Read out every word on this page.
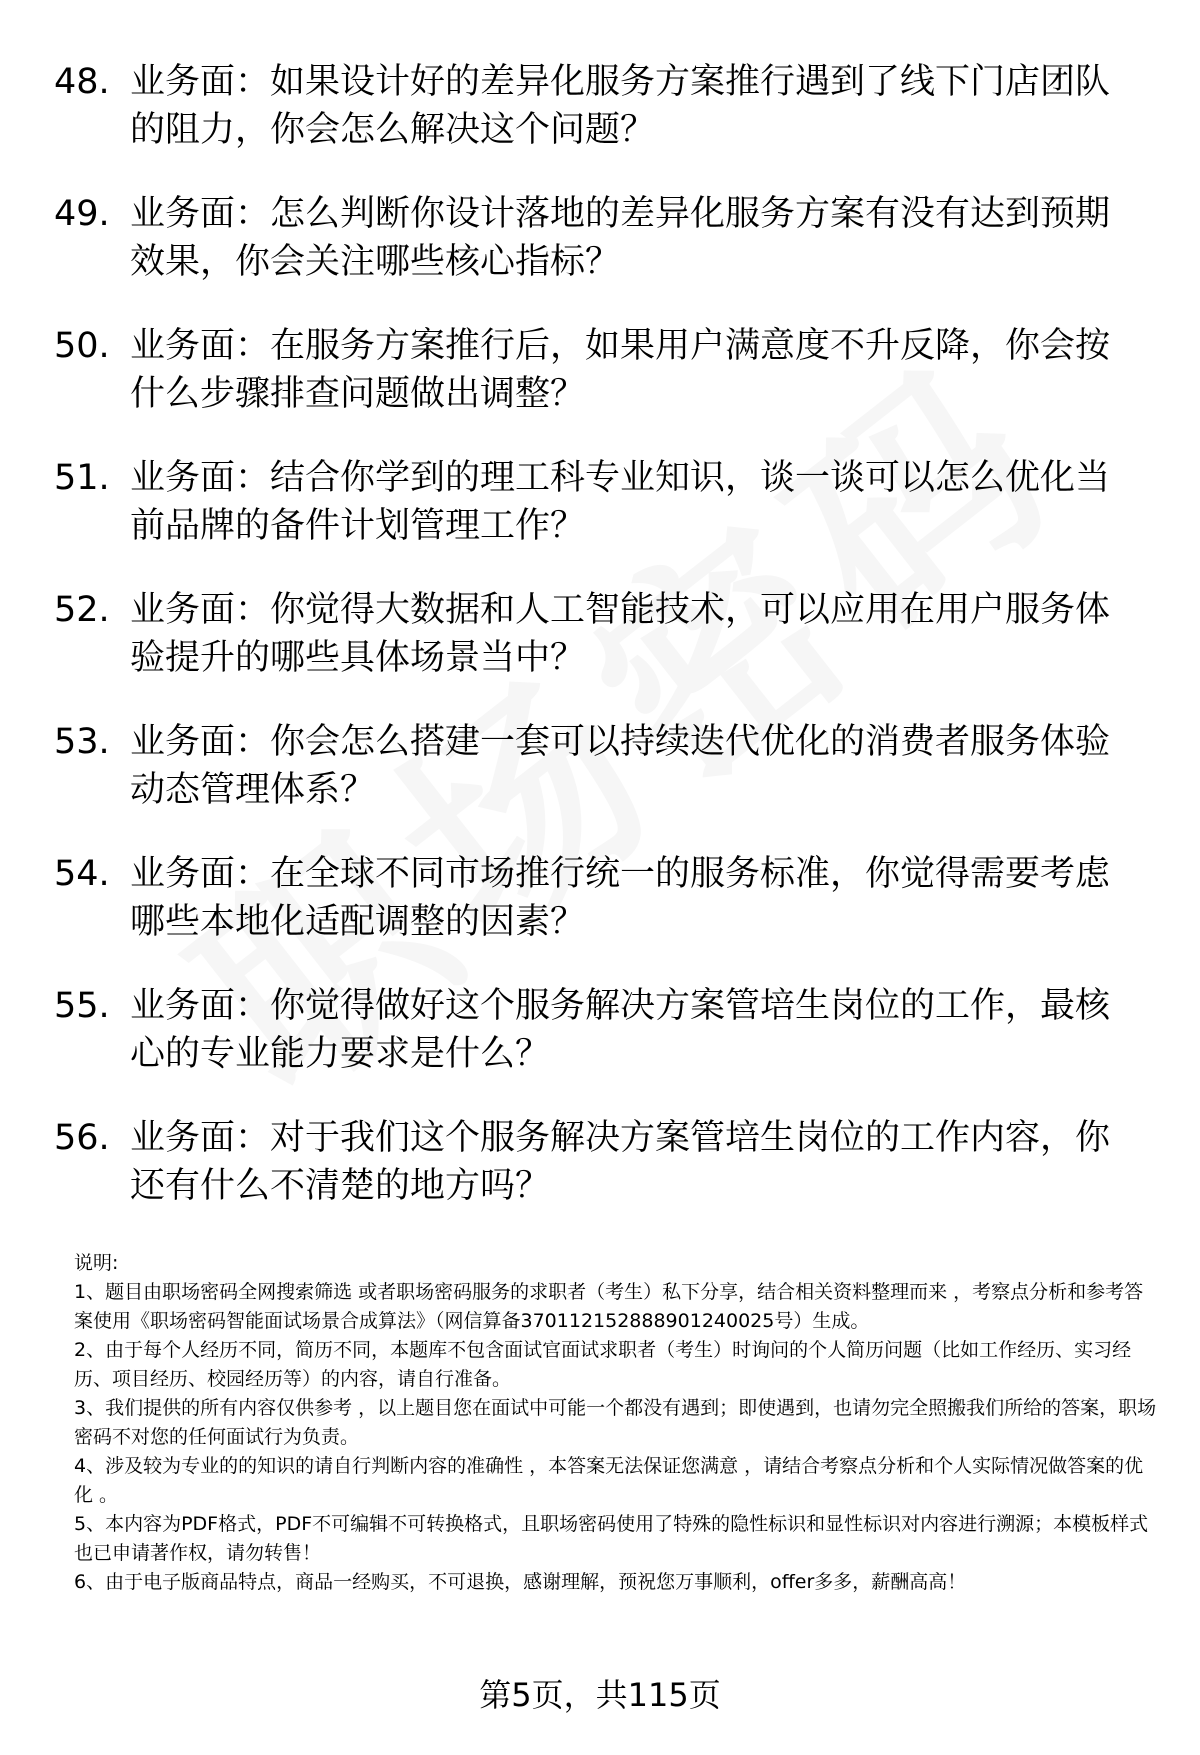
48. 业务面：如果设计好的差异化服务方案推行遇到了线下门店团队的阻力，你会怎么解决这个问题？
49. 业务面：怎么判断你设计落地的差异化服务方案有没有达到预期效果，你会关注哪些核心指标？
50. 业务面：在服务方案推行后，如果用户满意度不升反降，你会按什么步骤排查问题做出调整？
51. 业务面：结合你学到的理工科专业知识，谈一谈可以怎么优化当前品牌的备件计划管理工作？
52. 业务面：你觉得大数据和人工智能技术，可以应用在用户服务体验提升的哪些具体场景当中？
53. 业务面：你会怎么搭建一套可以持续迭代优化的消费者服务体验动态管理体系？
54. 业务面：在全球不同市场推行统一的服务标准，你觉得需要考虑哪些本地化适配调整的因素？
55. 业务面：你觉得做好这个服务解决方案管培生岗位的工作，最核心的专业能力要求是什么？
56. 业务面：对于我们这个服务解决方案管培生岗位的工作内容，你还有什么不清楚的地方吗？

说明:

1、题目由职场密码全网搜索筛选 或者职场密码服务的求职者（考生）私下分享，结合相关资料整理而来 ，考察点分析和参考答案使用《职场密码智能面试场景合成算法》（网信算备370112152888901240025号）生成。

2、由于每个人经历不同，简历不同，本题库不包含面试官面试求职者（考生）时询问的个人简历问题（比如工作经历、实习经历、项目经历、校园经历等）的内容，请自行准备。

3、我们提供的所有内容仅供参考 ，以上题目您在面试中可能一个都没有遇到；即使遇到，也请勿完全照搬我们所给的答案，职场密码不对您的任何面试行为负责。

4、涉及较为专业的的知识的请自行判断内容的准确性 ，本答案无法保证您满意 ，请结合考察点分析和个人实际情况做答案的优化 。

5、本内容为PDF格式，PDF不可编辑不可转换格式，且职场密码使用了特殊的隐性标识和显性标识对内容进行溯源；本模板样式也已申请著作权，请勿转售！

6、由于电子版商品特点，商品一经购买，不可退换，感谢理解，预祝您万事顺利，offer多多，薪酬高高！

第5页，共115页
